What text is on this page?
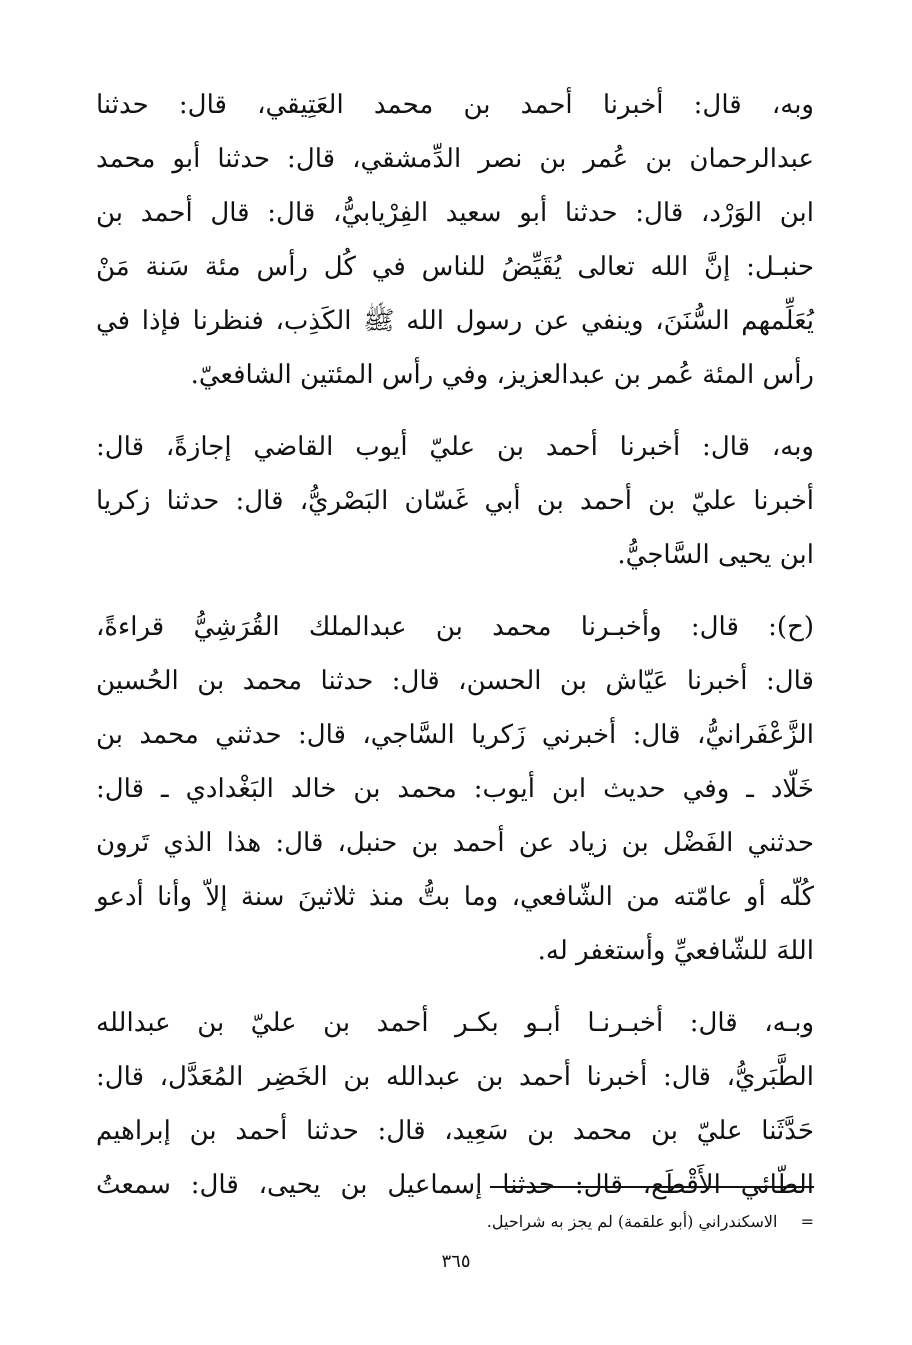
وبه، قال: أخبرنا أحمد بن محمد العَتِيقي، قال: حدثنا
عبدالرحمان بن عُمر بن نصر الدِّمشقي، قال: حدثنا أبو محمد
ابن الوَرْد، قال: حدثنا أبو سعيد الفِرْيابيُّ، قال: قال أحمد بن
حنبـل: إنَّ الله تعالى يُقَيِّضُ للناس في كُل رأس مئة سَنة مَنْ
يُعَلِّمهم السُّنَنَ، وينفي عن رسول الله ﷺ الكَذِب، فنظرنا فإذا في
رأس المئة عُمر بن عبدالعزيز، وفي رأس المئتين الشافعيّ.

وبه، قال: أخبرنا أحمد بن عليّ أيوب القاضي إجازةً، قال:
أخبرنا عليّ بن أحمد بن أبي غَسّان البَصْريُّ، قال: حدثنا زكريا
ابن يحيى السَّاجيُّ.

(ح): قال: وأخبـرنا محمد بن عبدالملك القُرَشِيُّ قراءةً،
قال: أخبرنا عَيّاش بن الحسن، قال: حدثنا محمد بن الحُسين
الزَّعْفَرانيُّ، قال: أخبرني زَكريا السَّاجي، قال: حدثني محمد بن
خَلّاد ـ وفي حديث ابن أيوب: محمد بن خالد البَغْدادي ـ قال:
حدثني الفَضْل بن زياد عن أحمد بن حنبل، قال: هذا الذي تَرون
كُلّه أو عامّته من الشّافعي، وما بتُّ منذ ثلاثينَ سنة إلاّ وأنا أدعو
اللهَ للشّافعيِّ وأستغفر له.

وبـه، قال: أخبـرنـا أبـو بكـر أحمد بن عليّ بن عبدالله
الطَّبَريُّ، قال: أخبرنا أحمد بن عبدالله بن الخَضِر المُعَدَّل، قال:
حَدَّثَنا عليّ بن محمد بن سَعِيد، قال: حدثنا أحمد بن إبراهيم
الطّائي الأَقْطَع، قال: حدثنا إسماعيل بن يحيى، قال: سمعتُ

= الاسكندراني (أبو علقمة) لم يجز به شراحيل.
٣٦٥
